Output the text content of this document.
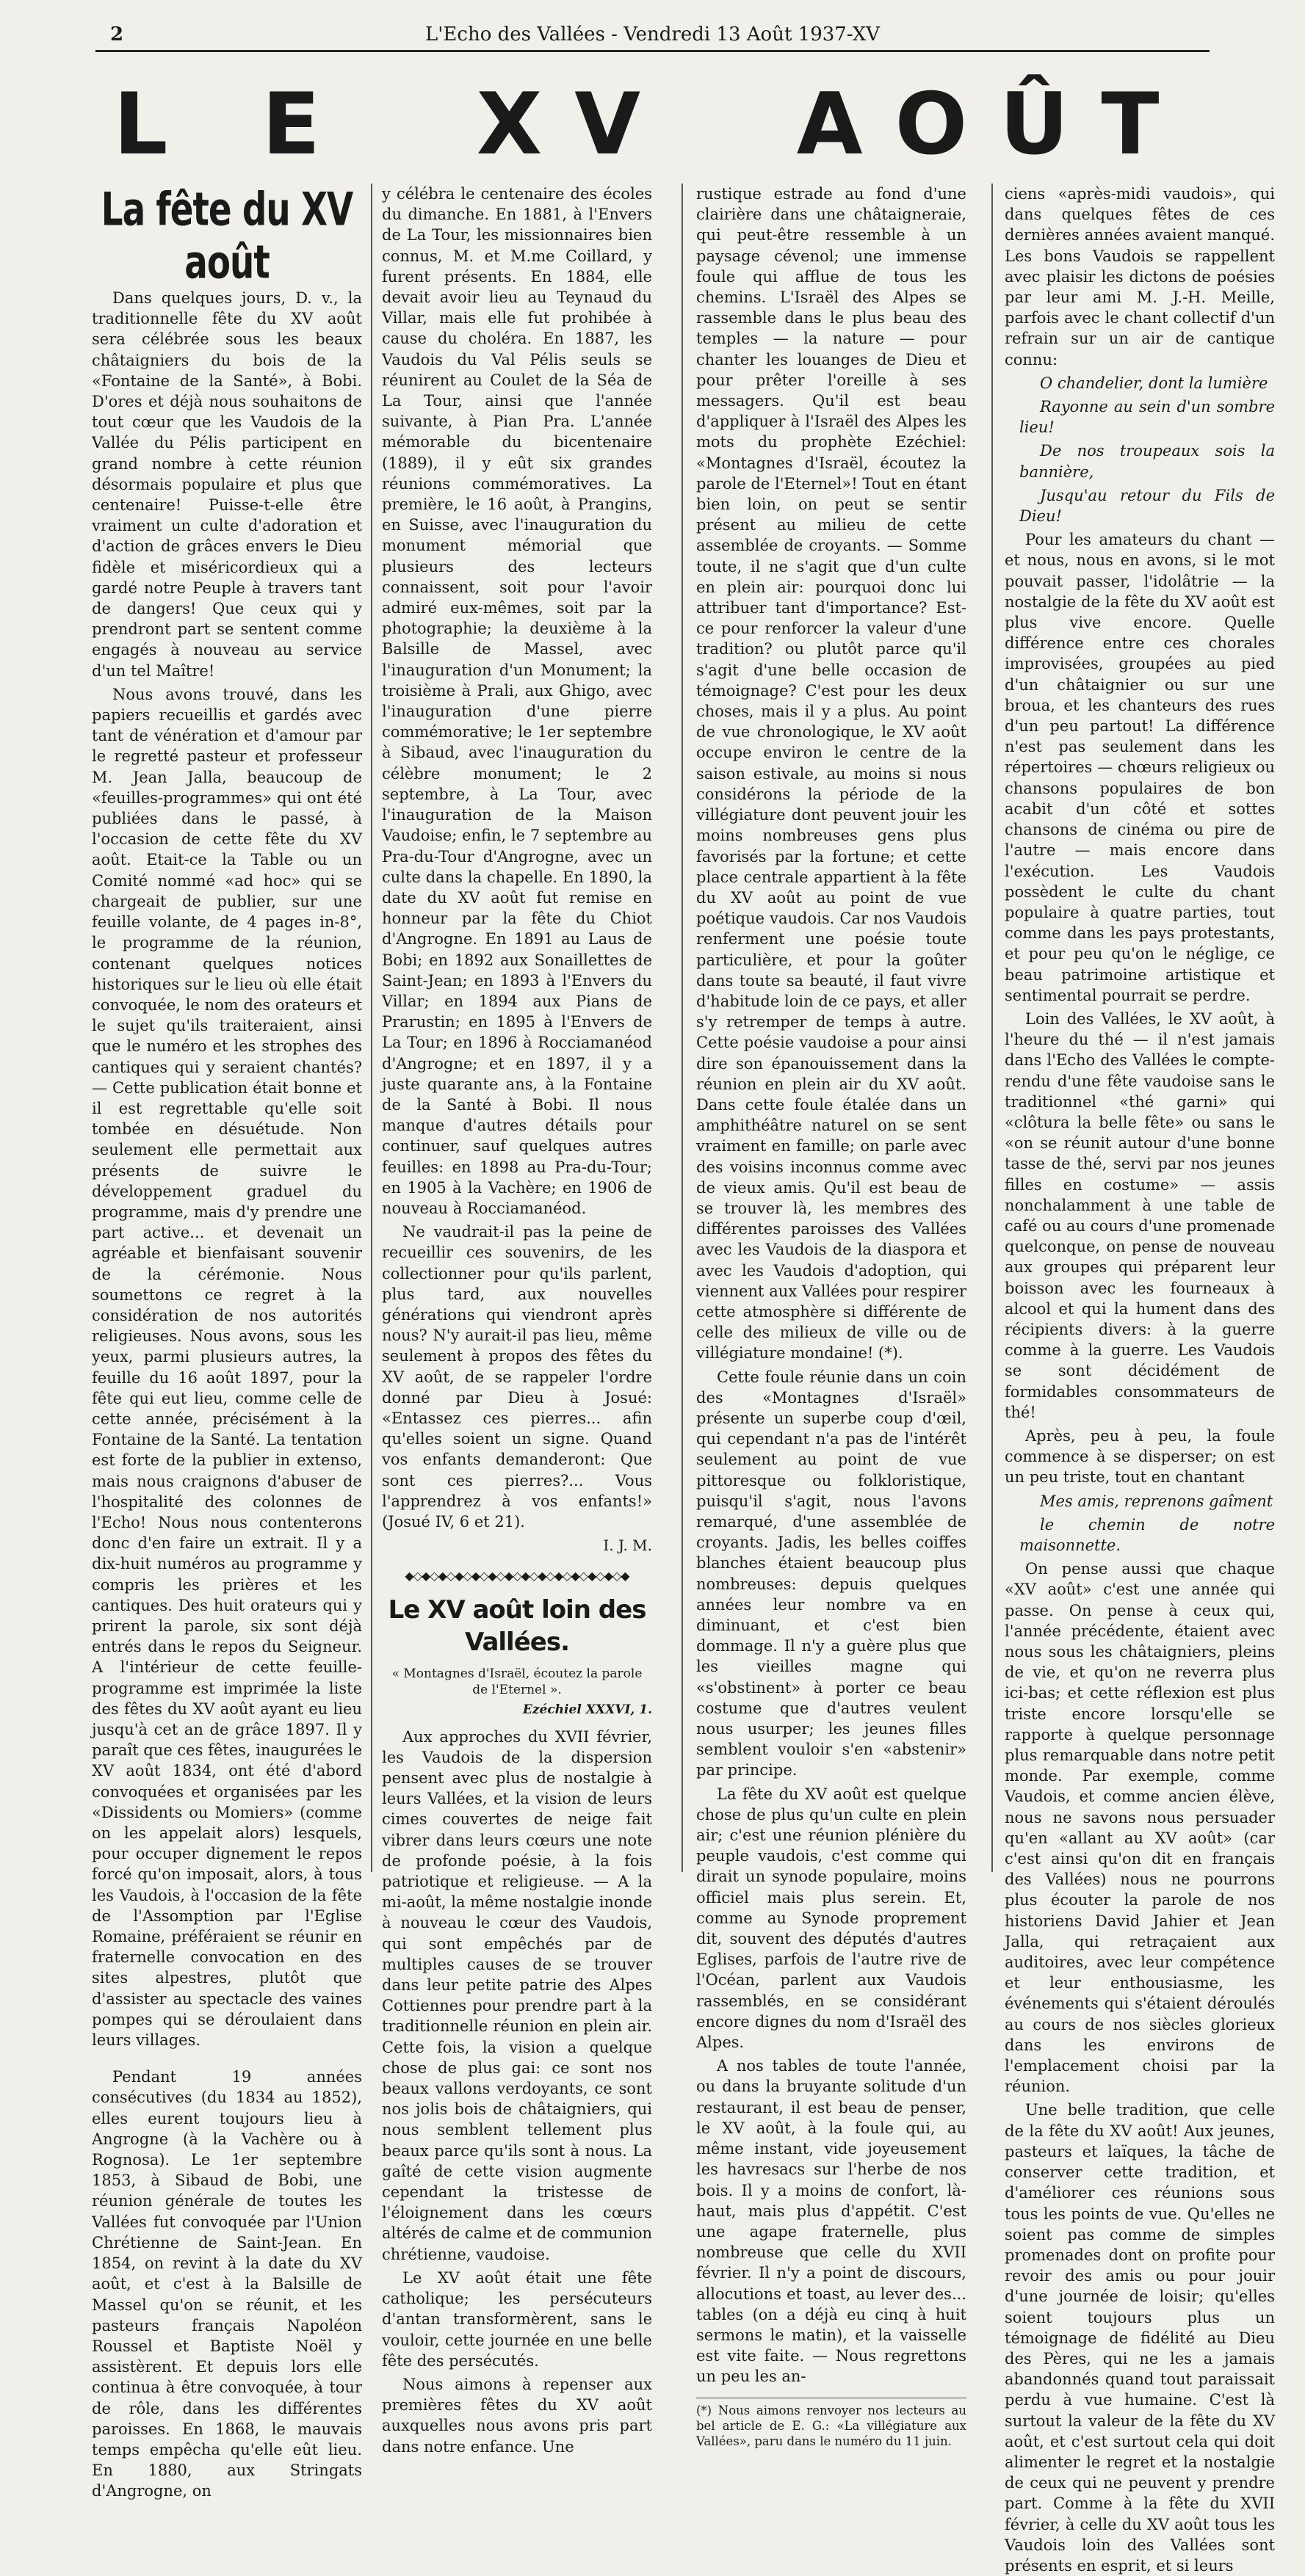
2	L'Echo des Vallées - Vendredi 13 Août 1937-XV
L E  XV  AOÛT
La fête du XV août

Dans quelques jours, D. v., la traditionnelle fête du XV août sera célébrée sous les beaux châtaigniers du bois de la «Fontaine de la Santé», à Bobi. D'ores et déjà nous souhaitons de tout cœur que les Vaudois de la Vallée du Pélis participent en grand nombre à cette réunion désormais populaire et plus que centenaire! Puisse-t-elle être vraiment un culte d'adoration et d'action de grâces envers le Dieu fidèle et miséricordieux qui a gardé notre Peuple à travers tant de dangers! Que ceux qui y prendront part se sentent comme engagés à nouveau au service d'un tel Maître!

Nous avons trouvé, dans les papiers recueillis et gardés avec tant de vénération et d'amour par le regretté pasteur et professeur M. Jean Jalla, beaucoup de «feuilles-programmes» qui ont été publiées dans le passé, à l'occasion de cette fête du XV août. Etait-ce la Table ou un Comité nommé «ad hoc» qui se chargeait de publier, sur une feuille volante, de 4 pages in-8°, le programme de la réunion, contenant quelques notices historiques sur le lieu où elle était convoquée, le nom des orateurs et le sujet qu'ils traiteraient, ainsi que le numéro et les strophes des cantiques qui y seraient chantés? — Cette publication était bonne et il est regrettable qu'elle soit tombée en désuétude. Non seulement elle permettait aux présents de suivre le développement graduel du programme, mais d'y prendre une part active... et devenait un agréable et bienfaisant souvenir de la cérémonie. Nous soumettons ce regret à la considération de nos autorités religieuses. Nous avons, sous les yeux, parmi plusieurs autres, la feuille du 16 août 1897, pour la fête qui eut lieu, comme celle de cette année, précisément à la Fontaine de la Santé. La tentation est forte de la publier in extenso, mais nous craignons d'abuser de l'hospitalité des colonnes de l'Echo! Nous nous contenterons donc d'en faire un extrait. Il y a dix-huit numéros au programme y compris les prières et les cantiques. Des huit orateurs qui y prirent la parole, six sont déjà entrés dans le repos du Seigneur. A l'intérieur de cette feuille-programme est imprimée la liste des fêtes du XV août ayant eu lieu jusqu'à cet an de grâce 1897. Il y paraît que ces fêtes, inaugurées le XV août 1834, ont été d'abord convoquées et organisées par les «Dissidents ou Momiers» (comme on les appelait alors) lesquels, pour occuper dignement le repos forcé qu'on imposait, alors, à tous les Vaudois, à l'occasion de la fête de l'Assomption par l'Eglise Romaine, préféraient se réunir en fraternelle convocation en des sites alpestres, plutôt que d'assister au spectacle des vaines pompes qui se déroulaient dans leurs villages.

Pendant 19 années consécutives (du 1834 au 1852), elles eurent toujours lieu à Angrogne (à la Vachère ou à Rognosa). Le 1er septembre 1853, à Sibaud de Bobi, une réunion générale de toutes les Vallées fut convoquée par l'Union Chrétienne de Saint-Jean. En 1854, on revint à la date du XV août, et c'est à la Balsille de Massel qu'on se réunit, et les pasteurs français Napoléon Roussel et Baptiste Noël y assistèrent. Et depuis lors elle continua à être convoquée, à tour de rôle, dans les différentes paroisses. En 1868, le mauvais temps empêcha qu'elle eût lieu. En 1880, aux Stringats d'Angrogne, on

y célébra le centenaire des écoles du dimanche. En 1881, à l'Envers de La Tour, les missionnaires bien connus, M. et M.me Coillard, y furent présents. En 1884, elle devait avoir lieu au Teynaud du Villar, mais elle fut prohibée à cause du choléra. En 1887, les Vaudois du Val Pélis seuls se réunirent au Coulet de la Séa de La Tour, ainsi que l'année suivante, à Pian Pra. L'année mémorable du bicentenaire (1889), il y eût six grandes réunions commémoratives. La première, le 16 août, à Prangins, en Suisse, avec l'inauguration du monument mémorial que plusieurs des lecteurs connaissent, soit pour l'avoir admiré eux-mêmes, soit par la photographie; la deuxième à la Balsille de Massel, avec l'inauguration d'un Monument; la troisième à Prali, aux Ghigo, avec l'inauguration d'une pierre commémorative; le 1er septembre à Sibaud, avec l'inauguration du célèbre monument; le 2 septembre, à La Tour, avec l'inauguration de la Maison Vaudoise; enfin, le 7 septembre au Pra-du-Tour d'Angrogne, avec un culte dans la chapelle. En 1890, la date du XV août fut remise en honneur par la fête du Chiot d'Angrogne. En 1891 au Laus de Bobi; en 1892 aux Sonaillettes de Saint-Jean; en 1893 à l'Envers du Villar; en 1894 aux Pians de Prarustin; en 1895 à l'Envers de La Tour; en 1896 à Rocciamanéod d'Angrogne; et en 1897, il y a juste quarante ans, à la Fontaine de la Santé à Bobi. Il nous manque d'autres détails pour continuer, sauf quelques autres feuilles: en 1898 au Pra-du-Tour; en 1905 à la Vachère; en 1906 de nouveau à Rocciamanéod.

Ne vaudrait-il pas la peine de recueillir ces souvenirs, de les collectionner pour qu'ils parlent, plus tard, aux nouvelles générations qui viendront après nous? N'y aurait-il pas lieu, même seulement à propos des fêtes du XV août, de se rappeler l'ordre donné par Dieu à Josué: «Entassez ces pierres... afin qu'elles soient un signe. Quand vos enfants demanderont: Que sont ces pierres?... Vous l'apprendrez à vos enfants!» (Josué IV, 6 et 21).

I. J. M.
◆◇◆◇◆◇◆◇◆◇◆◇◆◇◆◇◆◇◆◇◆◇◆◇◆◇◆
Le XV août loin des Vallées.
« Montagnes d'Israël, écoutez la parole de l'Eternel ».
Ezéchiel XXXVI, 1.

Aux approches du XVII février, les Vaudois de la dispersion pensent avec plus de nostalgie à leurs Vallées, et la vision de leurs cimes couvertes de neige fait vibrer dans leurs cœurs une note de profonde poésie, à la fois patriotique et religieuse. — A la mi-août, la même nostalgie inonde à nouveau le cœur des Vaudois, qui sont empêchés par de multiples causes de se trouver dans leur petite patrie des Alpes Cottiennes pour prendre part à la traditionnelle réunion en plein air. Cette fois, la vision a quelque chose de plus gai: ce sont nos beaux vallons verdoyants, ce sont nos jolis bois de châtaigniers, qui nous semblent tellement plus beaux parce qu'ils sont à nous. La gaîté de cette vision augmente cependant la tristesse de l'éloignement dans les cœurs altérés de calme et de communion chrétienne, vaudoise.

Le XV août était une fête catholique; les persécuteurs d'antan transformèrent, sans le vouloir, cette journée en une belle fête des persécutés.

Nous aimons à repenser aux premières fêtes du XV août auxquelles nous avons pris part dans notre enfance. Une

rustique estrade au fond d'une clairière dans une châtaigneraie, qui peut-être ressemble à un paysage cévenol; une immense foule qui afflue de tous les chemins. L'Israël des Alpes se rassemble dans le plus beau des temples — la nature — pour chanter les louanges de Dieu et pour prêter l'oreille à ses messagers. Qu'il est beau d'appliquer à l'Israël des Alpes les mots du prophète Ezéchiel: «Montagnes d'Israël, écoutez la parole de l'Eternel»! Tout en étant bien loin, on peut se sentir présent au milieu de cette assemblée de croyants. — Somme toute, il ne s'agit que d'un culte en plein air: pourquoi donc lui attribuer tant d'importance? Est-ce pour renforcer la valeur d'une tradition? ou plutôt parce qu'il s'agit d'une belle occasion de témoignage? C'est pour les deux choses, mais il y a plus. Au point de vue chronologique, le XV août occupe environ le centre de la saison estivale, au moins si nous considérons la période de la villégiature dont peuvent jouir les moins nombreuses gens plus favorisés par la fortune; et cette place centrale appartient à la fête du XV août au point de vue poétique vaudois. Car nos Vaudois renferment une poésie toute particulière, et pour la goûter dans toute sa beauté, il faut vivre d'habitude loin de ce pays, et aller s'y retremper de temps à autre. Cette poésie vaudoise a pour ainsi dire son épanouissement dans la réunion en plein air du XV août. Dans cette foule étalée dans un amphithéâtre naturel on se sent vraiment en famille; on parle avec des voisins inconnus comme avec de vieux amis. Qu'il est beau de se trouver là, les membres des différentes paroisses des Vallées avec les Vaudois de la diaspora et avec les Vaudois d'adoption, qui viennent aux Vallées pour respirer cette atmosphère si différente de celle des milieux de ville ou de villégiature mondaine! (*).

Cette foule réunie dans un coin des «Montagnes d'Israël» présente un superbe coup d'œil, qui cependant n'a pas de l'intérêt seulement au point de vue pittoresque ou folkloristique, puisqu'il s'agit, nous l'avons remarqué, d'une assemblée de croyants. Jadis, les belles coiffes blanches étaient beaucoup plus nombreuses: depuis quelques années leur nombre va en diminuant, et c'est bien dommage. Il n'y a guère plus que les vieilles magne qui «s'obstinent» à porter ce beau costume que d'autres veulent nous usurper; les jeunes filles semblent vouloir s'en «abstenir» par principe.

La fête du XV août est quelque chose de plus qu'un culte en plein air; c'est une réunion plénière du peuple vaudois, c'est comme qui dirait un synode populaire, moins officiel mais plus serein. Et, comme au Synode proprement dit, souvent des députés d'autres Eglises, parfois de l'autre rive de l'Océan, parlent aux Vaudois rassemblés, en se considérant encore dignes du nom d'Israël des Alpes.

A nos tables de toute l'année, ou dans la bruyante solitude d'un restaurant, il est beau de penser, le XV août, à la foule qui, au même instant, vide joyeusement les havresacs sur l'herbe de nos bois. Il y a moins de confort, là-haut, mais plus d'appétit. C'est une agape fraternelle, plus nombreuse que celle du XVII février. Il n'y a point de discours, allocutions et toast, au lever des... tables (on a déjà eu cinq à huit sermons le matin), et la vaisselle est vite faite. — Nous regrettons un peu les an-

(*) Nous aimons renvoyer nos lecteurs au bel article de E. G.: «La villégiature aux Vallées», paru dans le numéro du 11 juin.

ciens «après-midi vaudois», qui dans quelques fêtes de ces dernières années avaient manqué. Les bons Vaudois se rappellent avec plaisir les dictons de poésies par leur ami M. J.-H. Meille, parfois avec le chant collectif d'un refrain sur un air de cantique connu:

O chandelier, dont la lumière

Rayonne au sein d'un sombre lieu!

De nos troupeaux sois la bannière,

Jusqu'au retour du Fils de Dieu!

Pour les amateurs du chant — et nous, nous en avons, si le mot pouvait passer, l'idolâtrie — la nostalgie de la fête du XV août est plus vive encore. Quelle différence entre ces chorales improvisées, groupées au pied d'un châtaignier ou sur une broua, et les chanteurs des rues d'un peu partout! La différence n'est pas seulement dans les répertoires — chœurs religieux ou chansons populaires de bon acabit d'un côté et sottes chansons de cinéma ou pire de l'autre — mais encore dans l'exécution. Les Vaudois possèdent le culte du chant populaire à quatre parties, tout comme dans les pays protestants, et pour peu qu'on le néglige, ce beau patrimoine artistique et sentimental pourrait se perdre.

Loin des Vallées, le XV août, à l'heure du thé — il n'est jamais dans l'Echo des Vallées le compte-rendu d'une fête vaudoise sans le traditionnel «thé garni» qui «clôtura la belle fête» ou sans le «on se réunit autour d'une bonne tasse de thé, servi par nos jeunes filles en costume» — assis nonchalamment à une table de café ou au cours d'une promenade quelconque, on pense de nouveau aux groupes qui préparent leur boisson avec les fourneaux à alcool et qui la hument dans des récipients divers: à la guerre comme à la guerre. Les Vaudois se sont décidément de formidables consommateurs de thé!

Après, peu à peu, la foule commence à se disperser; on est un peu triste, tout en chantant

Mes amis, reprenons gaîment

le chemin de notre maisonnette.

On pense aussi que chaque «XV août» c'est une année qui passe. On pense à ceux qui, l'année précédente, étaient avec nous sous les châtaigniers, pleins de vie, et qu'on ne reverra plus ici-bas; et cette réflexion est plus triste encore lorsqu'elle se rapporte à quelque personnage plus remarquable dans notre petit monde. Par exemple, comme Vaudois, et comme ancien élève, nous ne savons nous persuader qu'en «allant au XV août» (car c'est ainsi qu'on dit en français des Vallées) nous ne pourrons plus écouter la parole de nos historiens David Jahier et Jean Jalla, qui retraçaient aux auditoires, avec leur compétence et leur enthousiasme, les événements qui s'étaient déroulés au cours de nos siècles glorieux dans les environs de l'emplacement choisi par la réunion.

Une belle tradition, que celle de la fête du XV août! Aux jeunes, pasteurs et laïques, la tâche de conserver cette tradition, et d'améliorer ces réunions sous tous les points de vue. Qu'elles ne soient pas comme de simples promenades dont on profite pour revoir des amis ou pour jouir d'une journée de loisir; qu'elles soient toujours plus un témoignage de fidélité au Dieu des Pères, qui ne les a jamais abandonnés quand tout paraissait perdu à vue humaine. C'est là surtout la valeur de la fête du XV août, et c'est surtout cela qui doit alimenter le regret et la nostalgie de ceux qui ne peuvent y prendre part. Comme à la fête du XVII février, à celle du XV août tous les Vaudois loin des Vallées sont présents en esprit, et si leurs
